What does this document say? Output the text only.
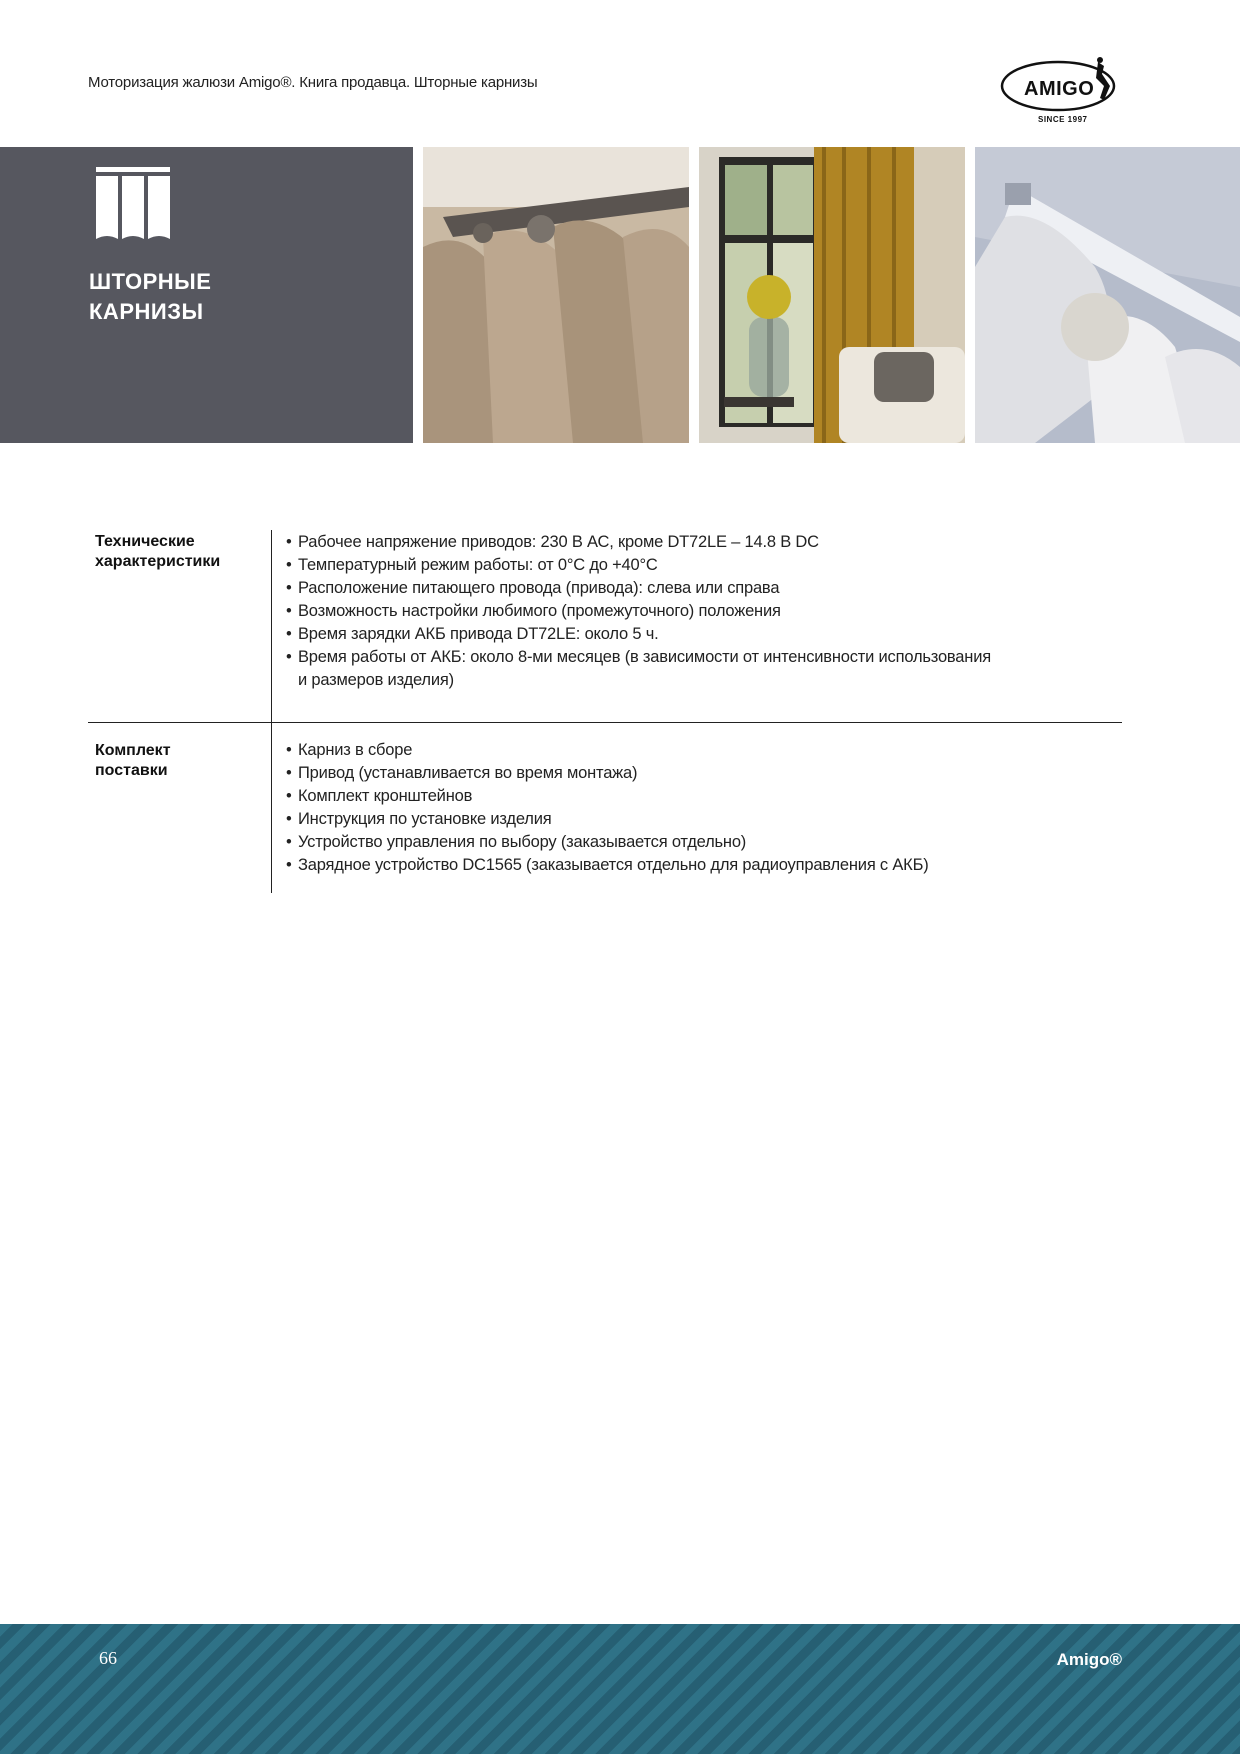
Моторизация жалюзи Amigo®. Книга продавца. Шторные карнизы	AMIGO
SINCE 1997
ШТОРНЫЕ
КАРНИЗЫ
Технические
характеристики
• Рабочее напряжение приводов: 230 В АС, кроме DT72LE – 14.8 В DC
• Температурный режим работы: от 0°С до +40°С
• Расположение питающего провода (привода): слева или справа
• Возможность настройки любимого (промежуточного) положения
• Время зарядки АКБ привода DT72LE: около 5 ч.
• Время работы от АКБ: около 8-ми месяцев (в зависимости от интенсивности использования
и размеров изделия)
Комплект
поставки
• Карниз в сборе
• Привод (устанавливается во время монтажа)
• Комплект кронштейнов
• Инструкция по установке изделия
• Устройство управления по выбору (заказывается отдельно)
• Зарядное устройство DC1565 (заказывается отдельно для радиоуправления с АКБ)
66	Amigo®
